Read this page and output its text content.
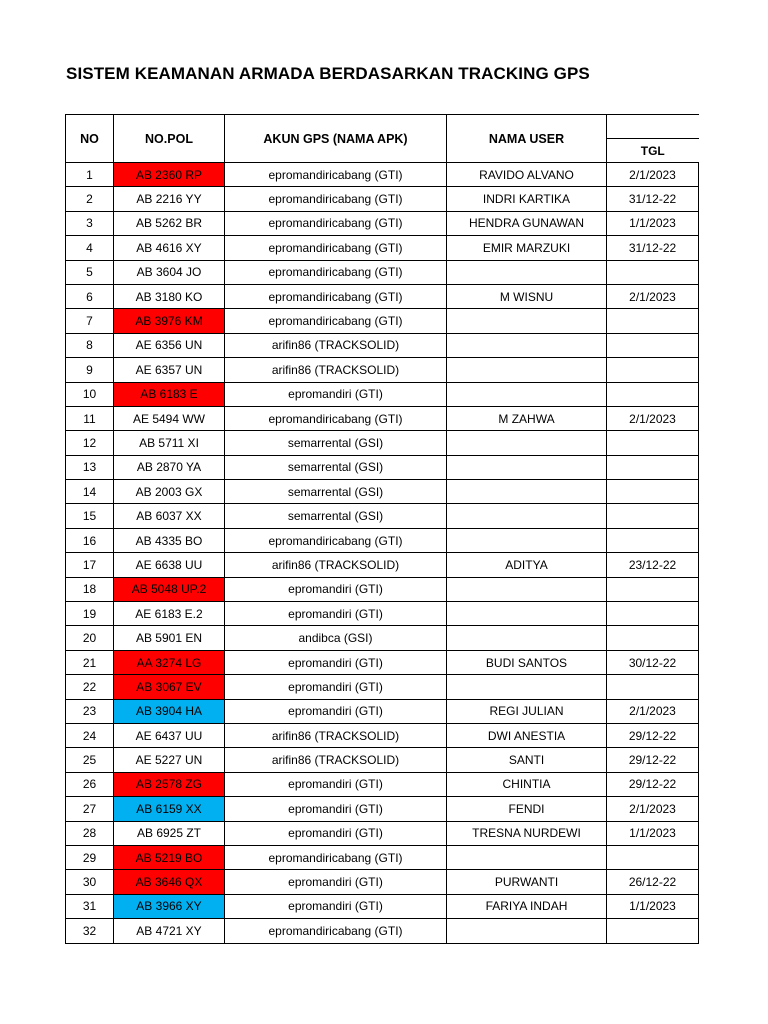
SISTEM KEAMANAN ARMADA BERDASARKAN TRACKING GPS
NO	NO.POL	AKUN GPS (NAMA APK)	NAMA USER	
				TGL
1	AB 2360 RP	epromandiricabang (GTI)	RAVIDO ALVANO	2/1/2023
2	AB 2216 YY	epromandiricabang (GTI)	INDRI KARTIKA	31/12-22
3	AB 5262 BR	epromandiricabang (GTI)	HENDRA GUNAWAN	1/1/2023
4	AB 4616 XY	epromandiricabang (GTI)	EMIR MARZUKI	31/12-22
5	AB 3604 JO	epromandiricabang (GTI)		
6	AB 3180 KO	epromandiricabang (GTI)	M WISNU	2/1/2023
7	AB 3976 KM	epromandiricabang (GTI)		
8	AE 6356 UN	arifin86 (TRACKSOLID)		
9	AE 6357 UN	arifin86 (TRACKSOLID)		
10	AB 6183 E	epromandiri (GTI)		
11	AE 5494 WW	epromandiricabang (GTI)	M ZAHWA	2/1/2023
12	AB 5711 XI	semarrental (GSI)		
13	AB 2870 YA	semarrental (GSI)		
14	AB 2003 GX	semarrental (GSI)		
15	AB 6037 XX	semarrental (GSI)		
16	AB 4335 BO	epromandiricabang (GTI)		
17	AE 6638 UU	arifin86 (TRACKSOLID)	ADITYA	23/12-22
18	AB 5048 UP.2	epromandiri (GTI)		
19	AE 6183 E.2	epromandiri (GTI)		
20	AB 5901 EN	andibca (GSI)		
21	AA 3274 LG	epromandiri (GTI)	BUDI SANTOS	30/12-22
22	AB 3067 EV	epromandiri (GTI)		
23	AB 3904 HA	epromandiri (GTI)	REGI JULIAN	2/1/2023
24	AE 6437 UU	arifin86 (TRACKSOLID)	DWI ANESTIA	29/12-22
25	AE 5227 UN	arifin86 (TRACKSOLID)	SANTI	29/12-22
26	AB 2578 ZG	epromandiri (GTI)	CHINTIA	29/12-22
27	AB 6159 XX	epromandiri (GTI)	FENDI	2/1/2023
28	AB 6925 ZT	epromandiri (GTI)	TRESNA NURDEWI	1/1/2023
29	AB 5219 BO	epromandiricabang (GTI)		
30	AB 3646 QX	epromandiri (GTI)	PURWANTI	26/12-22
31	AB 3966 XY	epromandiri (GTI)	FARIYA INDAH	1/1/2023
32	AB 4721 XY	epromandiricabang (GTI)		
